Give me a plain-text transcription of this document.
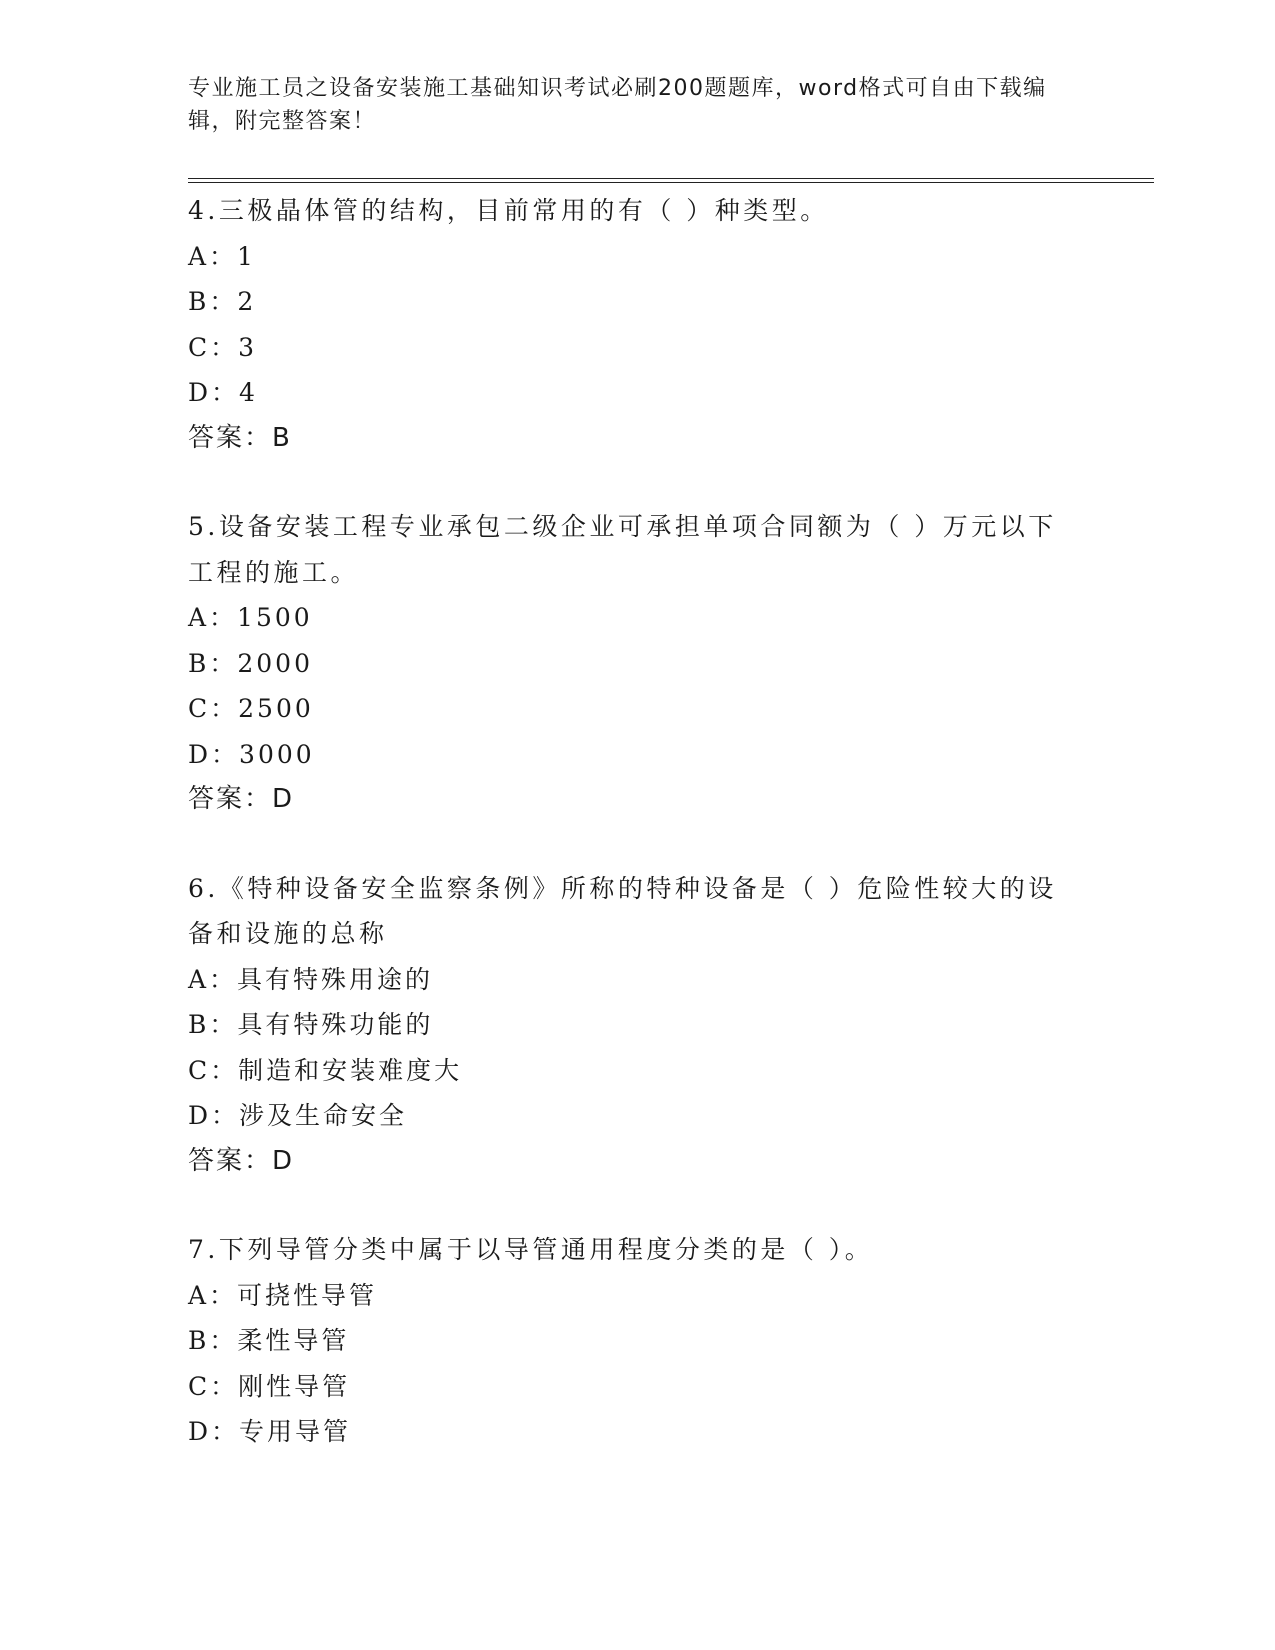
专业施工员之设备安装施工基础知识考试必刷200题题库，word格式可自由下载编辑，附完整答案！
4.三极晶体管的结构，目前常用的有（ ）种类型。
A：1
B：2
C：3
D：4
答案：B
5.设备安装工程专业承包二级企业可承担单项合同额为（ ）万元以下工程的施工。
A：1500
B：2000
C：2500
D：3000
答案：D
6.《特种设备安全监察条例》所称的特种设备是（ ）危险性较大的设备和设施的总称
A：具有特殊用途的
B：具有特殊功能的
C：制造和安装难度大
D：涉及生命安全
答案：D
7.下列导管分类中属于以导管通用程度分类的是（ ）。
A：可挠性导管
B：柔性导管
C：刚性导管
D：专用导管
